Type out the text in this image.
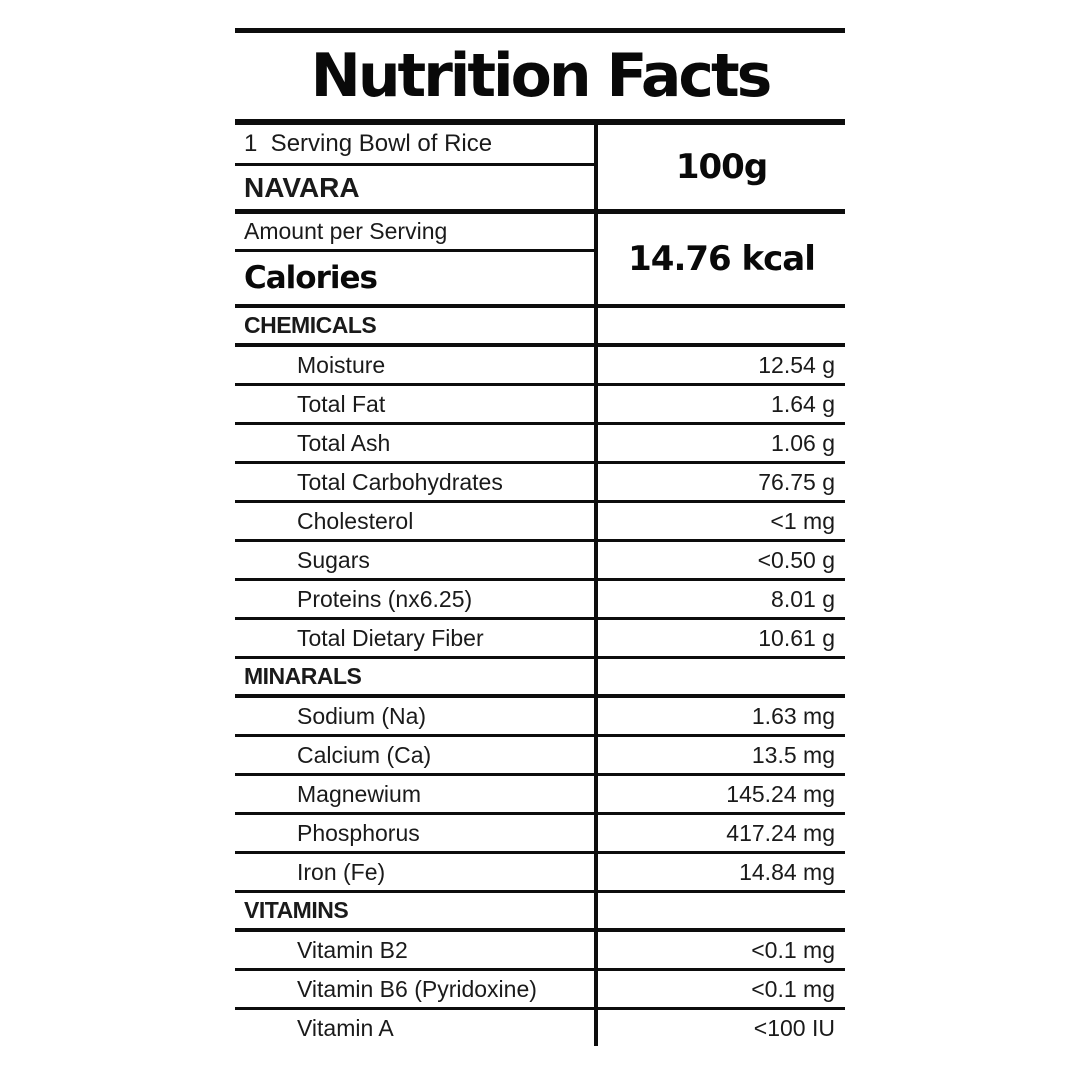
Nutrition Facts
1  Serving Bowl of Rice
NAVARA	100g
Amount per Serving
Calories	14.76 kcal
CHEMICALS
Moisture	12.54 g
Total Fat	1.64 g
Total Ash	1.06 g
Total Carbohydrates	76.75 g
Cholesterol	<1 mg
Sugars	<0.50 g
Proteins (nx6.25)	8.01 g
Total Dietary Fiber	10.61 g
MINARALS
Sodium (Na)	1.63 mg
Calcium (Ca)	13.5 mg
Magnewium	145.24 mg
Phosphorus	417.24 mg
Iron (Fe)	14.84 mg
VITAMINS
Vitamin B2	<0.1 mg
Vitamin B6 (Pyridoxine)	<0.1 mg
Vitamin A	<100 IU
